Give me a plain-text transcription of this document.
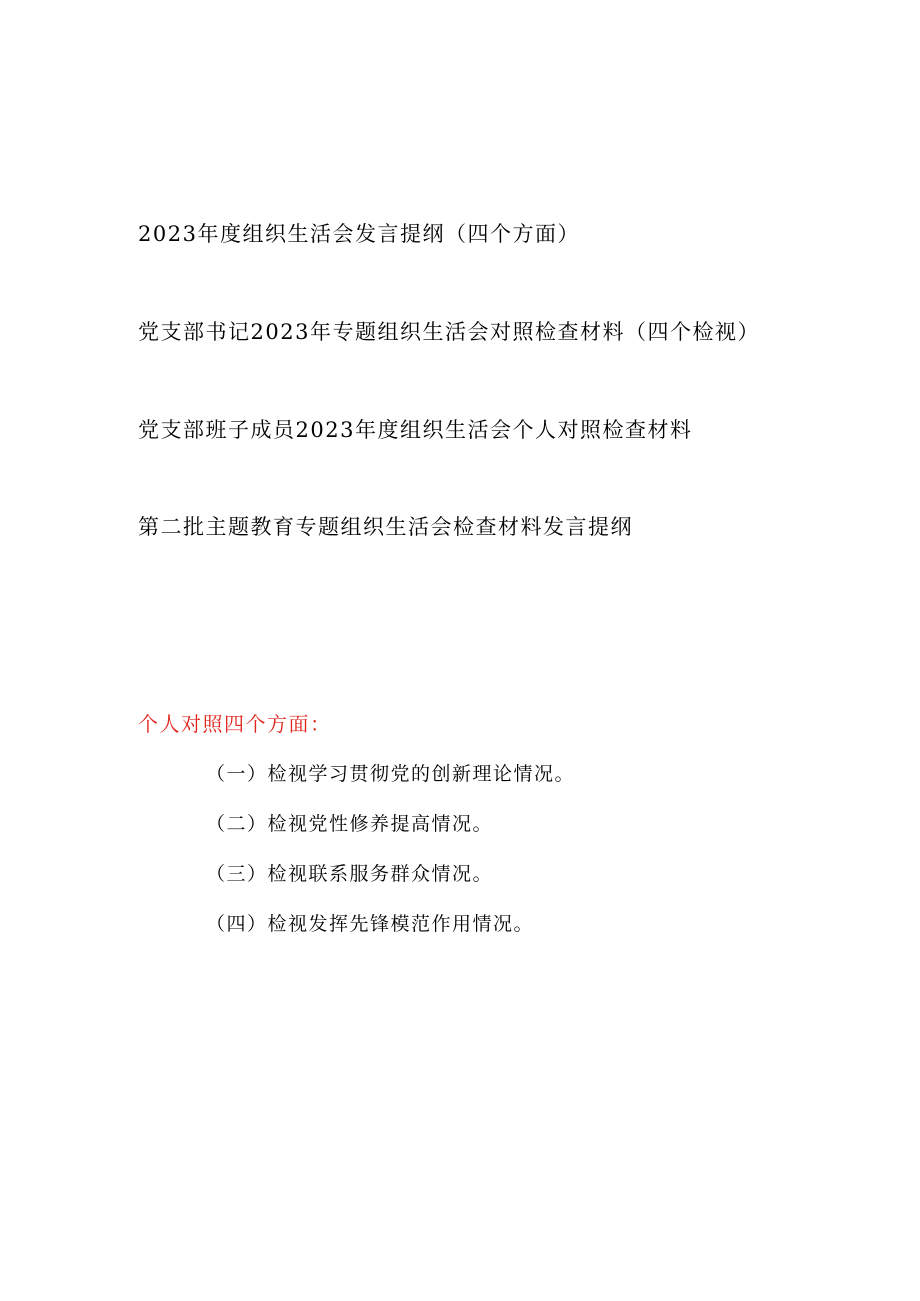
2023年度组织生活会发言提纲（四个方面）
党支部书记2023年专题组织生活会对照检查材料（四个检视）
党支部班子成员2023年度组织生活会个人对照检查材料
第二批主题教育专题组织生活会检查材料发言提纲
个人对照四个方面：
（一）检视学习贯彻党的创新理论情况。
（二）检视党性修养提高情况。
（三）检视联系服务群众情况。
（四）检视发挥先锋模范作用情况。
